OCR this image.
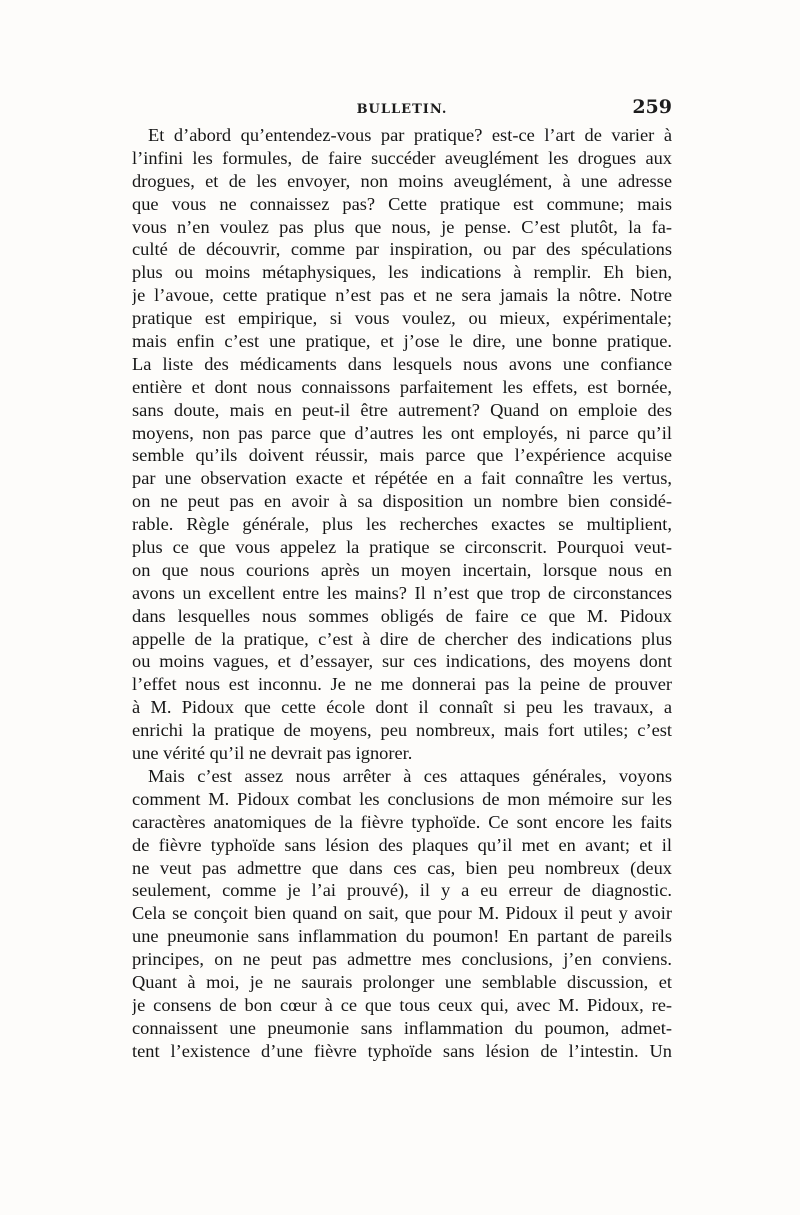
BULLETIN.	259
Et d’abord qu’entendez-vous par pratique? est-ce l’art de varier à
l’infini les formules, de faire succéder aveuglément les drogues aux
drogues, et de les envoyer, non moins aveuglément, à une adresse
que vous ne connaissez pas? Cette pratique est commune; mais
vous n’en voulez pas plus que nous, je pense. C’est plutôt, la fa-
culté de découvrir, comme par inspiration, ou par des spéculations
plus ou moins métaphysiques, les indications à remplir. Eh bien,
je l’avoue, cette pratique n’est pas et ne sera jamais la nôtre. Notre
pratique est empirique, si vous voulez, ou mieux, expérimentale;
mais enfin c’est une pratique, et j’ose le dire, une bonne pratique.
La liste des médicaments dans lesquels nous avons une confiance
entière et dont nous connaissons parfaitement les effets, est bornée,
sans doute, mais en peut-il être autrement? Quand on emploie des
moyens, non pas parce que d’autres les ont employés, ni parce qu’il
semble qu’ils doivent réussir, mais parce que l’expérience acquise
par une observation exacte et répétée en a fait connaître les vertus,
on ne peut pas en avoir à sa disposition un nombre bien considé-
rable. Règle générale, plus les recherches exactes se multiplient,
plus ce que vous appelez la pratique se circonscrit. Pourquoi veut-
on que nous courions après un moyen incertain, lorsque nous en
avons un excellent entre les mains? Il n’est que trop de circonstances
dans lesquelles nous sommes obligés de faire ce que M. Pidoux
appelle de la pratique, c’est à dire de chercher des indications plus
ou moins vagues, et d’essayer, sur ces indications, des moyens dont
l’effet nous est inconnu. Je ne me donnerai pas la peine de prouver
à M. Pidoux que cette école dont il connaît si peu les travaux, a
enrichi la pratique de moyens, peu nombreux, mais fort utiles; c’est
une vérité qu’il ne devrait pas ignorer.
Mais c’est assez nous arrêter à ces attaques générales, voyons
comment M. Pidoux combat les conclusions de mon mémoire sur les
caractères anatomiques de la fièvre typhoïde. Ce sont encore les faits
de fièvre typhoïde sans lésion des plaques qu’il met en avant; et il
ne veut pas admettre que dans ces cas, bien peu nombreux (deux
seulement, comme je l’ai prouvé), il y a eu erreur de diagnostic.
Cela se conçoit bien quand on sait, que pour M. Pidoux il peut y avoir
une pneumonie sans inflammation du poumon! En partant de pareils
principes, on ne peut pas admettre mes conclusions, j’en conviens.
Quant à moi, je ne saurais prolonger une semblable discussion, et
je consens de bon cœur à ce que tous ceux qui, avec M. Pidoux, re-
connaissent une pneumonie sans inflammation du poumon, admet-
tent l’existence d’une fièvre typhoïde sans lésion de l’intestin. Un
